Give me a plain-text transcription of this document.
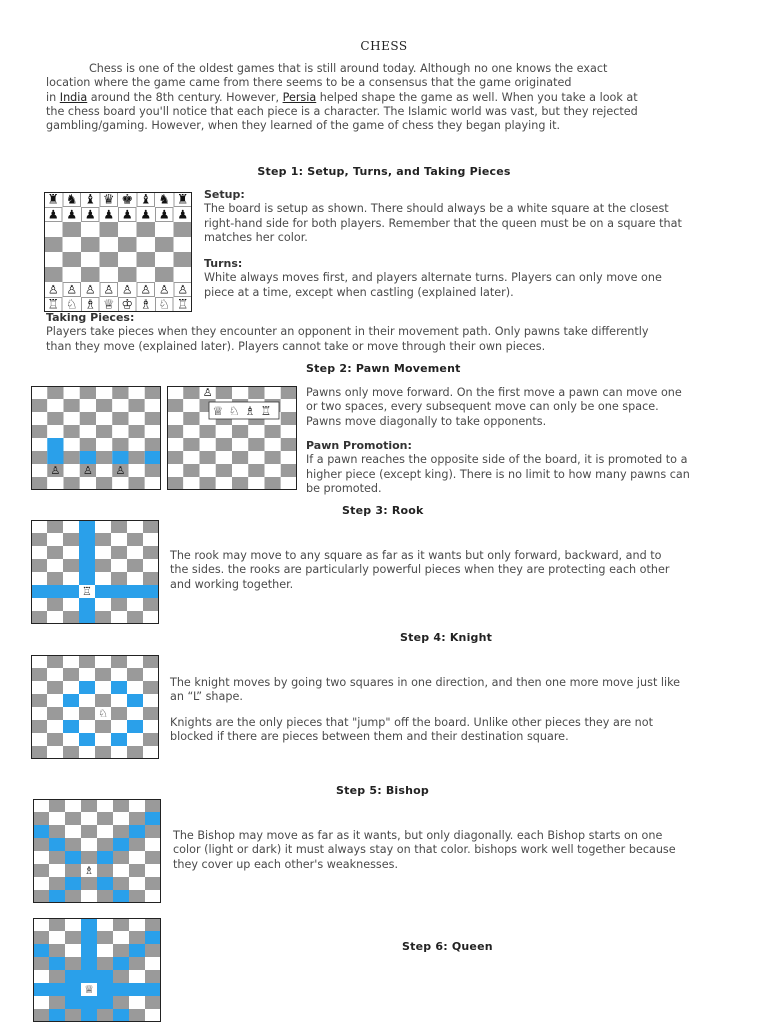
CHESS

Chess is one of the oldest games that is still around today. Although no one knows the exact

location where the game came from there seems to be a consensus that the game originated

in India around the 8th century. However, Persia helped shape the game as well. When you take a look at

the chess board you'll notice that each piece is a character. The Islamic world was vast, but they rejected

gambling/gaming. However, when they learned of the game of chess they began playing it.

Step 1: Setup, Turns, and Taking Pieces
♜ ♞ ♝ ♛ ♚ ♝ ♞ ♜
♟ ♟ ♟ ♟ ♟ ♟ ♟ ♟
♙ ♙ ♙ ♙ ♙ ♙ ♙ ♙
♖ ♘ ♗ ♕ ♔ ♗ ♘ ♖

Setup:

The board is setup as shown. There should always be a white square at the closest

right-hand side for both players. Remember that the queen must be on a square that

matches her color.

Turns:

White always moves first, and players alternate turns. Players can only move one

piece at a time, except when castling (explained later).

Taking Pieces:

Players take pieces when they encounter an opponent in their movement path. Only pawns take differently

than they move (explained later). Players cannot take or move through their own pieces.

Step 2: Pawn Movement
♙ ♙ ♙
♙
♕ ♘ ♗ ♖

Pawns only move forward. On the first move a pawn can move one

or two spaces, every subsequent move can only be one space.

Pawns move diagonally to take opponents.

Pawn Promotion:

If a pawn reaches the opposite side of the board, it is promoted to a

higher piece (except king). There is no limit to how many pawns can

be promoted.

Step 3: Rook
♖

The rook may move to any square as far as it wants but only forward, backward, and to

the sides. the rooks are particularly powerful pieces when they are protecting each other

and working together.

Step 4: Knight
♘

The knight moves by going two squares in one direction, and then one more move just like

an “L” shape.

Knights are the only pieces that "jump" off the board. Unlike other pieces they are not

blocked if there are pieces between them and their destination square.

Step 5: Bishop
♗

The Bishop may move as far as it wants, but only diagonally. each Bishop starts on one

color (light or dark) it must always stay on that color. bishops work well together because

they cover up each other's weaknesses.

Step 6: Queen
♕
